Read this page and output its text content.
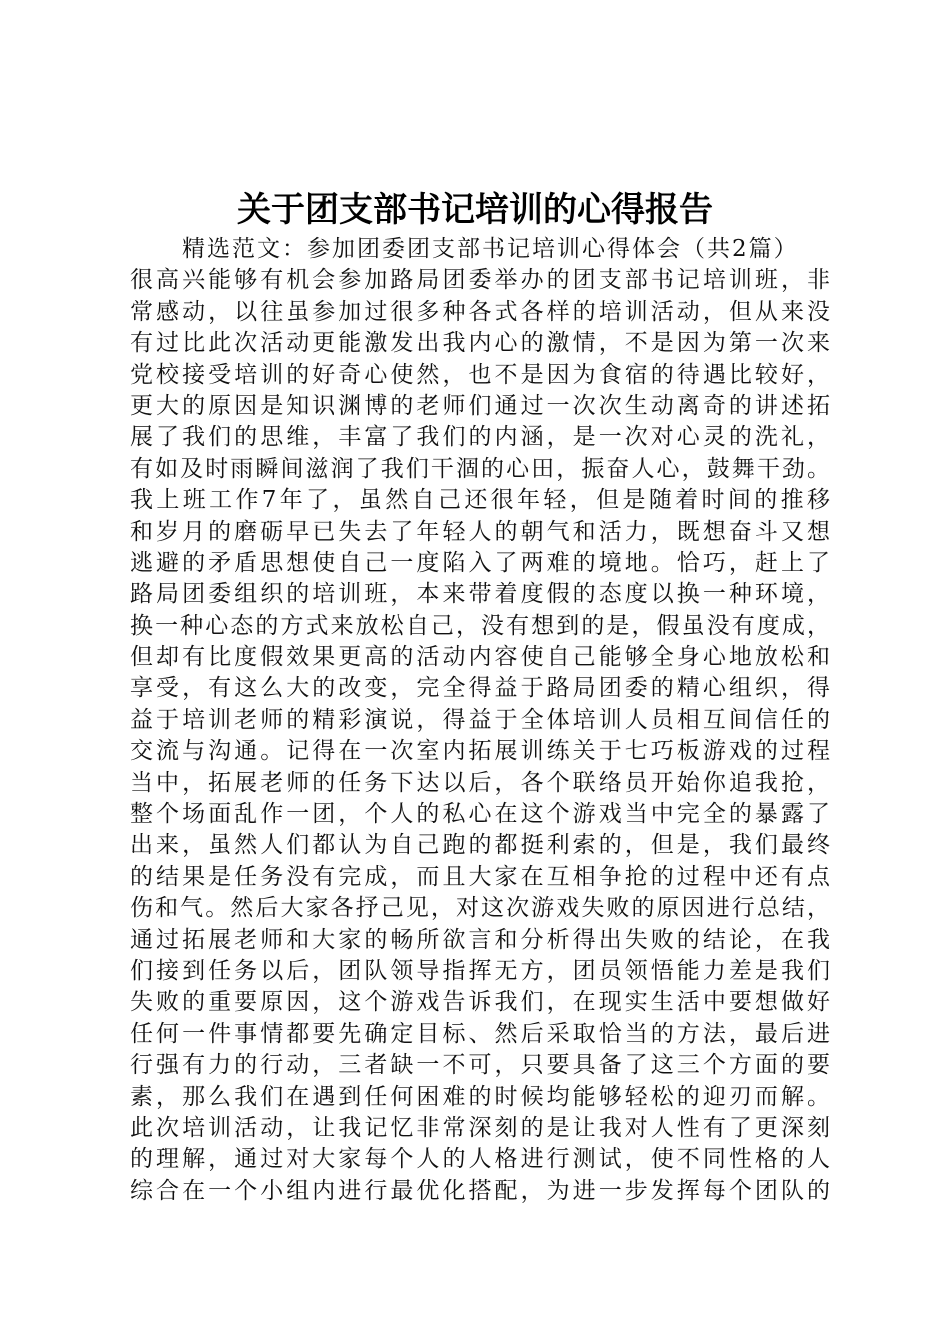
关于团支部书记培训的心得报告
精选范文：参加团委团支部书记培训心得体会（共2篇）
很高兴能够有机会参加路局团委举办的团支部书记培训班，非
常感动，以往虽参加过很多种各式各样的培训活动，但从来没
有过比此次活动更能激发出我内心的激情，不是因为第一次来
党校接受培训的好奇心使然，也不是因为食宿的待遇比较好，
更大的原因是知识渊博的老师们通过一次次生动离奇的讲述拓
展了我们的思维，丰富了我们的内涵，是一次对心灵的洗礼，
有如及时雨瞬间滋润了我们干涸的心田，振奋人心，鼓舞干劲。
我上班工作7年了，虽然自己还很年轻，但是随着时间的推移
和岁月的磨砺早已失去了年轻人的朝气和活力，既想奋斗又想
逃避的矛盾思想使自己一度陷入了两难的境地。恰巧，赶上了
路局团委组织的培训班，本来带着度假的态度以换一种环境，
换一种心态的方式来放松自己，没有想到的是，假虽没有度成，
但却有比度假效果更高的活动内容使自己能够全身心地放松和
享受，有这么大的改变，完全得益于路局团委的精心组织，得
益于培训老师的精彩演说，得益于全体培训人员相互间信任的
交流与沟通。记得在一次室内拓展训练关于七巧板游戏的过程
当中，拓展老师的任务下达以后，各个联络员开始你追我抢，
整个场面乱作一团，个人的私心在这个游戏当中完全的暴露了
出来，虽然人们都认为自己跑的都挺利索的，但是，我们最终
的结果是任务没有完成，而且大家在互相争抢的过程中还有点
伤和气。然后大家各抒己见，对这次游戏失败的原因进行总结，
通过拓展老师和大家的畅所欲言和分析得出失败的结论，在我
们接到任务以后，团队领导指挥无方，团员领悟能力差是我们
失败的重要原因，这个游戏告诉我们，在现实生活中要想做好
任何一件事情都要先确定目标、然后采取恰当的方法，最后进
行强有力的行动，三者缺一不可，只要具备了这三个方面的要
素，那么我们在遇到任何困难的时候均能够轻松的迎刃而解。
此次培训活动，让我记忆非常深刻的是让我对人性有了更深刻
的理解，通过对大家每个人的人格进行测试，使不同性格的人
综合在一个小组内进行最优化搭配，为进一步发挥每个团队的
